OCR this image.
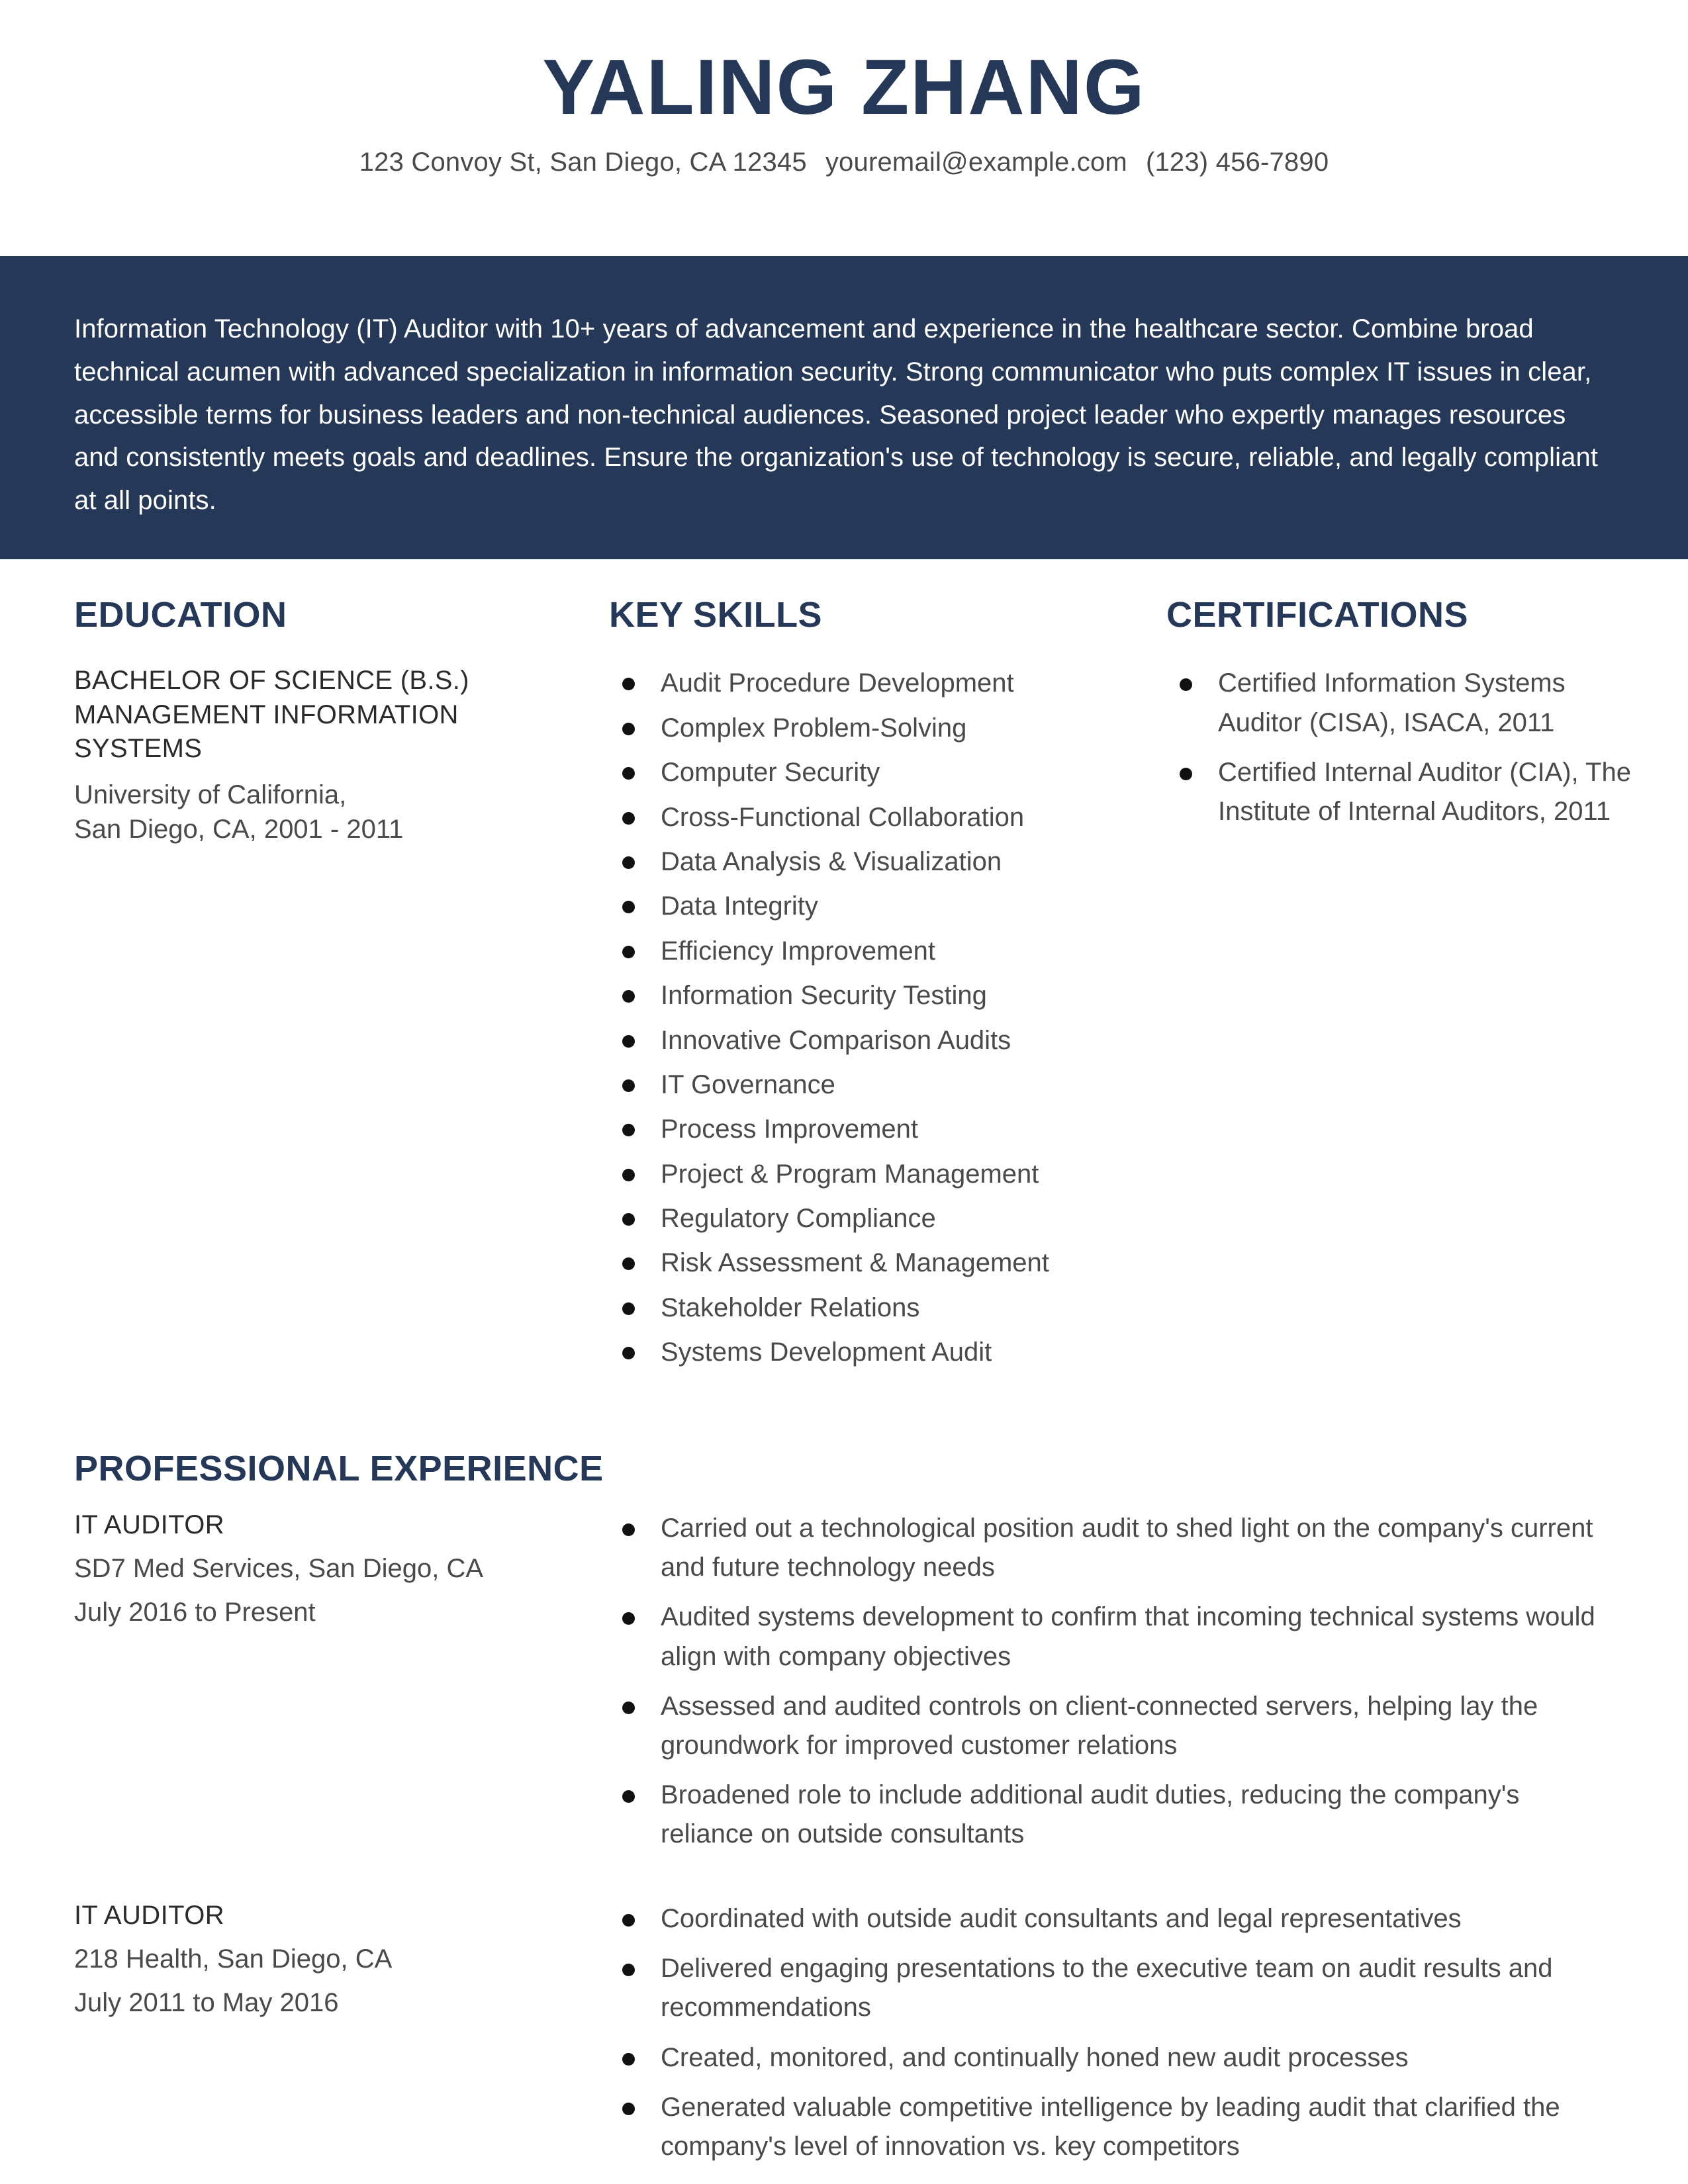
YALING ZHANG
123 Convoy St, San Diego, CA 12345 youremail@example.com (123) 456-7890
Information Technology (IT) Auditor with 10+ years of advancement and experience in the healthcare sector. Combine broad technical acumen with advanced specialization in information security. Strong communicator who puts complex IT issues in clear, accessible terms for business leaders and non-technical audiences. Seasoned project leader who expertly manages resources and consistently meets goals and deadlines. Ensure the organization's use of technology is secure, reliable, and legally compliant at all points.
EDUCATION

BACHELOR OF SCIENCE (B.S.) MANAGEMENT INFORMATION SYSTEMS

University of California,

San Diego, CA, 2001 - 2011

KEY SKILLS
Audit Procedure Development
Complex Problem-Solving
Computer Security
Cross-Functional Collaboration
Data Analysis & Visualization
Data Integrity
Efficiency Improvement
Information Security Testing
Innovative Comparison Audits
IT Governance
Process Improvement
Project & Program Management
Regulatory Compliance
Risk Assessment & Management
Stakeholder Relations
Systems Development Audit
CERTIFICATIONS
Certified Information Systems Auditor (CISA), ISACA, 2011
Certified Internal Auditor (CIA), The Institute of Internal Auditors, 2011
PROFESSIONAL EXPERIENCE

IT AUDITOR

SD7 Med Services, San Diego, CA

July 2016 to Present

Carried out a technological position audit to shed light on the company's current and future technology needs
Audited systems development to confirm that incoming technical systems would align with company objectives
Assessed and audited controls on client-connected servers, helping lay the groundwork for improved customer relations
Broadened role to include additional audit duties, reducing the company's reliance on outside consultants

IT AUDITOR

218 Health, San Diego, CA

July 2011 to May 2016

Coordinated with outside audit consultants and legal representatives
Delivered engaging presentations to the executive team on audit results and recommendations
Created, monitored, and continually honed new audit processes
Generated valuable competitive intelligence by leading audit that clarified the company's level of innovation vs. key competitors
